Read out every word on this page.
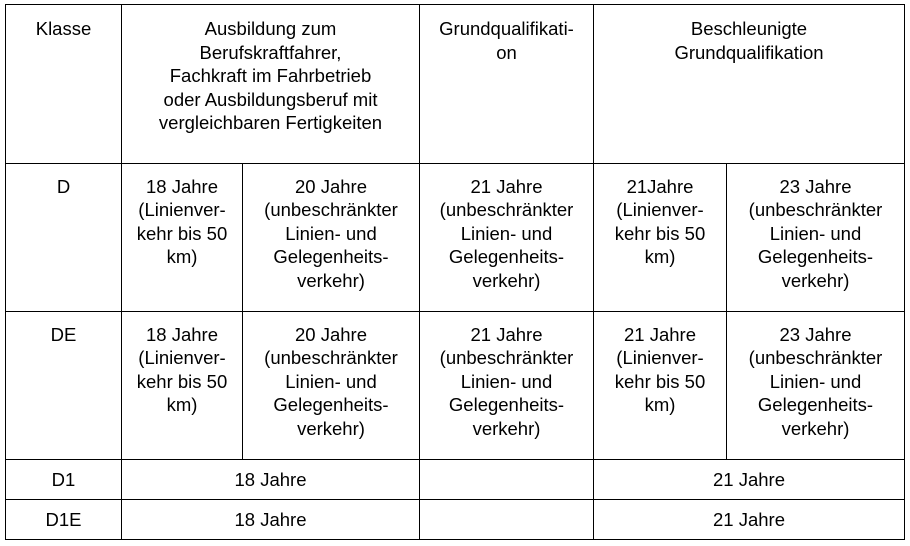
Klasse	Ausbildung zum
Berufskraftfahrer,
Fachkraft im Fahrbetrieb
oder Ausbildungsberuf mit
vergleichbaren Fertigkeiten		Grundqualifikati-
on	Beschleunigte
Grundqualifikation	
D	18 Jahre
(Linienver-
kehr bis 50
km)	20 Jahre
(unbeschränkter
Linien- und
Gelegenheits-
verkehr)	21 Jahre
(unbeschränkter
Linien- und
Gelegenheits-
verkehr)	21Jahre
(Linienver-
kehr bis 50
km)	23 Jahre
(unbeschränkter
Linien- und
Gelegenheits-
verkehr)
DE	18 Jahre
(Linienver-
kehr bis 50
km)	20 Jahre
(unbeschränkter
Linien- und
Gelegenheits-
verkehr)	21 Jahre
(unbeschränkter
Linien- und
Gelegenheits-
verkehr)	21 Jahre
(Linienver-
kehr bis 50
km)	23 Jahre
(unbeschränkter
Linien- und
Gelegenheits-
verkehr)
D1	18 Jahre			21 Jahre	
D1E	18 Jahre			21 Jahre	
